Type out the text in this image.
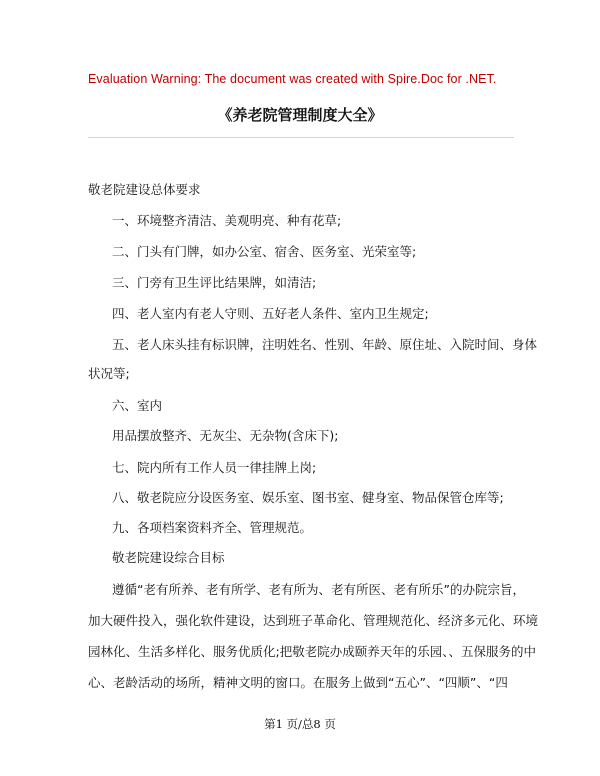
Evaluation Warning: The document was created with Spire.Doc for .NET.
《养老院管理制度大全》
敬老院建设总体要求
一、环境整齐清洁、美观明亮、种有花草;
二、门头有门牌，如办公室、宿舍、医务室、光荣室等;
三、门旁有卫生评比结果牌，如清洁;
四、老人室内有老人守则、五好老人条件、室内卫生规定;
五、老人床头挂有标识牌，注明姓名、性别、年龄、原住址、入院时间、身体
状况等;
六、室内
用品摆放整齐、无灰尘、无杂物(含床下);
七、院内所有工作人员一律挂牌上岗;
八、敬老院应分设医务室、娱乐室、图书室、健身室、物品保管仓库等;
九、各项档案资料齐全、管理规范。
敬老院建设综合目标
遵循“老有所养、老有所学、老有所为、老有所医、老有所乐”的办院宗旨，
加大硬件投入，强化软件建设，达到班子革命化、管理规范化、经济多元化、环境
园林化、生活多样化、服务优质化;把敬老院办成颐养天年的乐园、、五保服务的中
心、老龄活动的场所，精神文明的窗口。在服务上做到“五心”、“四顺”、“四
第1 页/总8 页
